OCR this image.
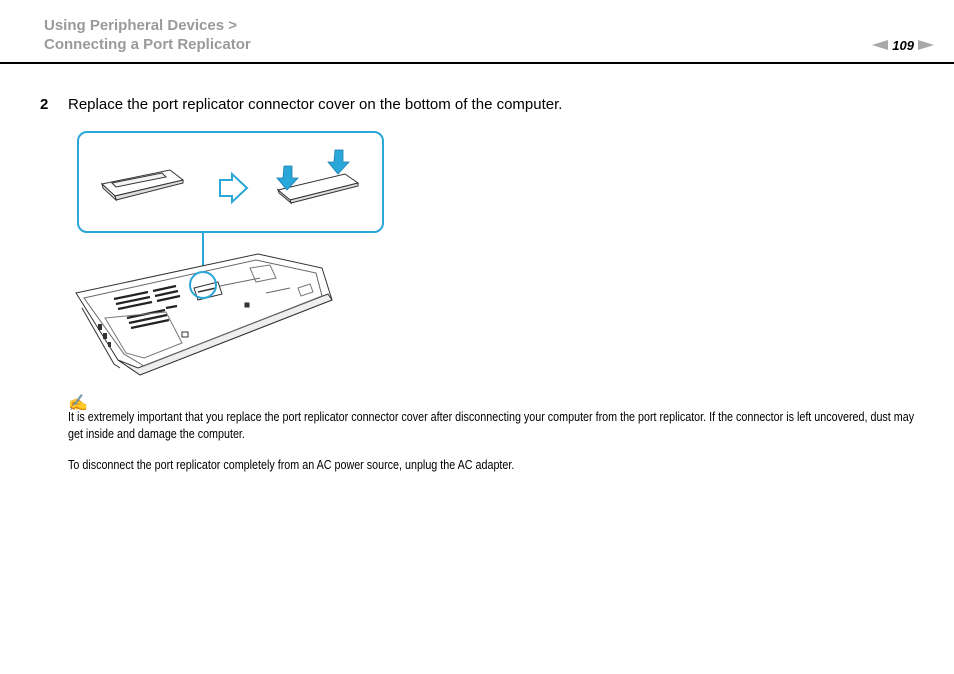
Using Peripheral Devices >
Connecting a Port Replicator	109
2	Replace the port replicator connector cover on the bottom of the computer.
✍
It is extremely important that you replace the port replicator connector cover after disconnecting your computer from the port replicator. If the connector is left uncovered, dust may get inside and damage the computer.
To disconnect the port replicator completely from an AC power source, unplug the AC adapter.
